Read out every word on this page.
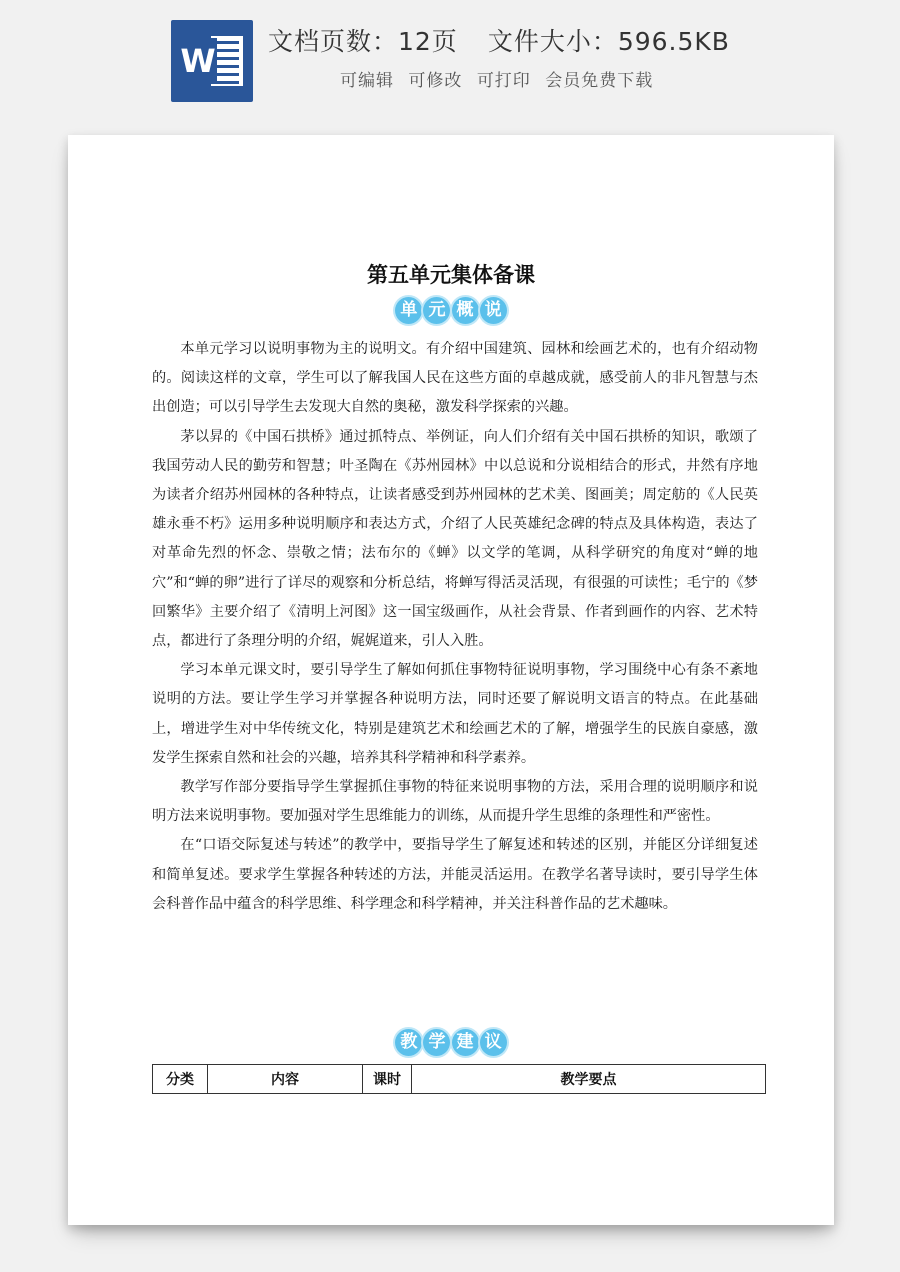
W
文档页数：12页 文件大小：596.5KB
可编辑 可修改 可打印 会员免费下载
第五单元集体备课
单 元 概 说

本单元学习以说明事物为主的说明文。有介绍中国建筑、园林和绘画艺术的，也有介绍动物的。阅读这样的文章，学生可以了解我国人民在这些方面的卓越成就，感受前人的非凡智慧与杰出创造；可以引导学生去发现大自然的奥秘，激发科学探索的兴趣。

茅以昇的《中国石拱桥》通过抓特点、举例证，向人们介绍有关中国石拱桥的知识，歌颂了我国劳动人民的勤劳和智慧；叶圣陶在《苏州园林》中以总说和分说相结合的形式，井然有序地为读者介绍苏州园林的各种特点，让读者感受到苏州园林的艺术美、图画美；周定舫的《人民英雄永垂不朽》运用多种说明顺序和表达方式，介绍了人民英雄纪念碑的特点及具体构造，表达了对革命先烈的怀念、崇敬之情；法布尔的《蝉》以文学的笔调，从科学研究的角度对“蝉的地穴”和“蝉的卵”进行了详尽的观察和分析总结，将蝉写得活灵活现，有很强的可读性；毛宁的《梦回繁华》主要介绍了《清明上河图》这一国宝级画作，从社会背景、作者到画作的内容、艺术特点，都进行了条理分明的介绍，娓娓道来，引人入胜。

学习本单元课文时，要引导学生了解如何抓住事物特征说明事物，学习围绕中心有条不紊地说明的方法。要让学生学习并掌握各种说明方法，同时还要了解说明文语言的特点。在此基础上，增进学生对中华传统文化，特别是建筑艺术和绘画艺术的了解，增强学生的民族自豪感，激发学生探索自然和社会的兴趣，培养其科学精神和科学素养。

教学写作部分要指导学生掌握抓住事物的特征来说明事物的方法，采用合理的说明顺序和说明方法来说明事物。要加强对学生思维能力的训练，从而提升学生思维的条理性和严密性。

在“口语交际复述与转述”的教学中，要指导学生了解复述和转述的区别，并能区分详细复述和简单复述。要求学生掌握各种转述的方法，并能灵活运用。在教学名著导读时，要引导学生体会科普作品中蕴含的科学思维、科学理念和科学精神，并关注科普作品的艺术趣味。

教 学 建 议
分类	内容	课时	教学要点
